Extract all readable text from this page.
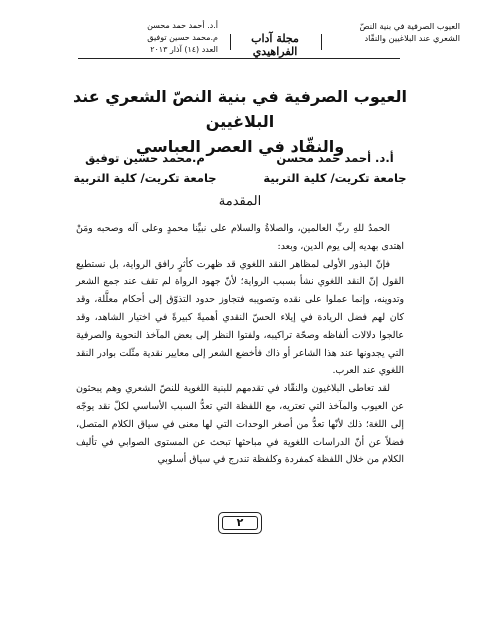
العيوب الصرفية في بنية النصّ
الشعري عند البلاغيين والنقّاد
مجلة آداب الفراهيدي
أ.د. أحمد حمد محسن
م.محمد حسين توفيق
العدد (١٤) آذار ٢٠١٣
العيوب الصرفية في بنية النصّ الشعري عند البلاغيين
والنقّاد في العصر العباسي
أ.د. أحمد حمد محسن
جامعة تكريت/ كلية التربية
م.محمد حسين توفيق
جامعة تكريت/ كلية التربية
المقدمة

الحمدُ للهِ ربِّ العالمين، والصلاةُ والسلام على نبيِّنا محمدٍ وعلى آله وصحبه ومَنْ اهتدى بهديه إلى يوم الدين، وبعد:

فإنّ البذور الأولى لمظاهر النقد اللغوي قد ظهرت كأثرٍ رافق الرواية، بل نستطيع القول إنّ النقد اللغوي نشأ بسبب الرواية؛ لأنّ جهود الرواة لم تقف عند جمع الشعر وتدوينه، وإنما عملوا على نقده وتصويبه فتجاوز حدود التذوّق إلى أحكام معلَّلة، وقد كان لهم فضل الريادة في إيلاء الحسّ النقدي أهميةً كبيرةً في اختيار الشاهد، وقد عالجوا دلالات ألفاظه وصحّة تراكيبه، ولفتوا النظر إلى بعض المآخذ النحوية والصرفية التي يجدونها عند هذا الشاعر أو ذاك فأخضع الشعر إلى معايير نقدية مثّلت بوادر النقد اللغوي عند العرب.

لقد تعاطى البلاغيون والنقّاد في تقدمهم للبنية اللغوية للنصّ الشعري وهم يبحثون عن العيوب والمآخذ التي تعتريه، مع اللفظة التي تعدُّ السبب الأساسي لكلّ نقد يوجّه إلى اللغة؛ ذلك لأنّها تعدُّ من أصغر الوحدات التي لها معنى في سياق الكلام المتصل، فضلاً عن أنّ الدراسات اللغوية في مباحثها تبحث عن المستوى الصوابي في تأليف الكلام من خلال اللفظة كمفردة وكلفظة تندرج في سياق أسلوبي

٢
